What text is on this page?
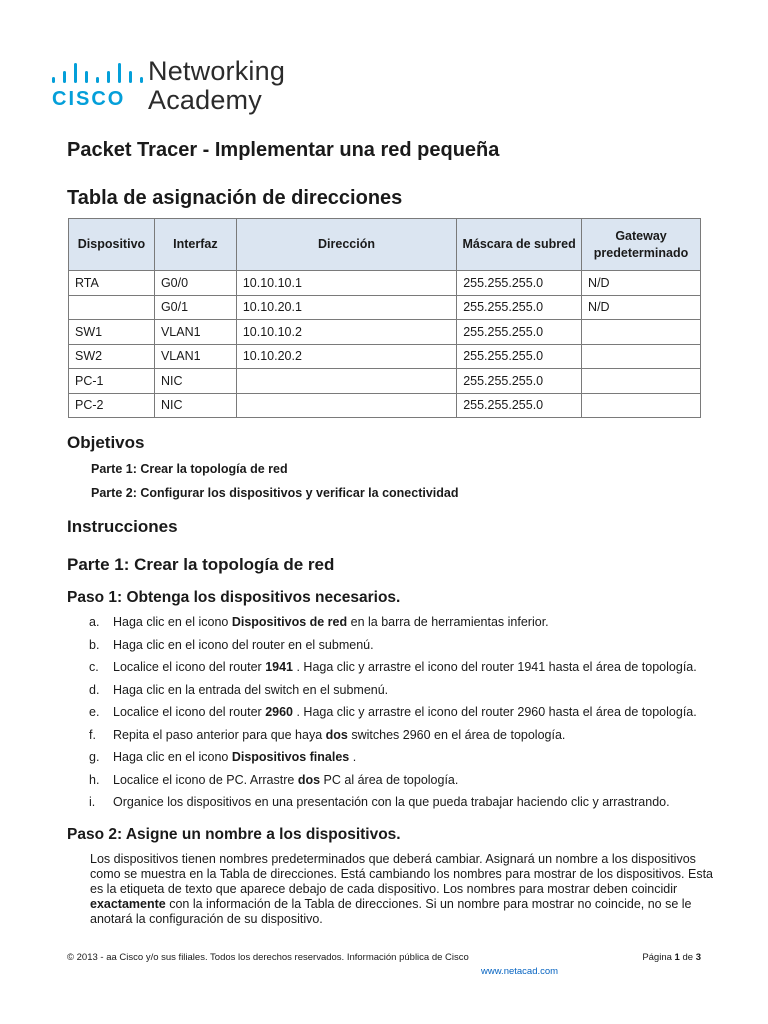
CISCO
Networking
Academy
Packet Tracer - Implementar una red pequeña
Tabla de asignación de direcciones
Dispositivo	Interfaz	Dirección	Máscara de subred	Gateway predeterminado
RTA	G0/0	10.10.10.1	255.255.255.0	N/D
	G0/1	10.10.20.1	255.255.255.0	N/D
SW1	VLAN1	10.10.10.2	255.255.255.0	
SW2	VLAN1	10.10.20.2	255.255.255.0	
PC-1	NIC		255.255.255.0	
PC-2	NIC		255.255.255.0	
Objetivos
Parte 1: Crear la topología de red
Parte 2: Configurar los dispositivos y verificar la conectividad
Instrucciones
Parte 1: Crear la topología de red
Paso 1: Obtenga los dispositivos necesarios.
a. Haga clic en el icono Dispositivos de red en la barra de herramientas inferior.
b. Haga clic en el icono del router en el submenú.
c. Localice el icono del router 1941 . Haga clic y arrastre el icono del router 1941 hasta el área de topología.
d. Haga clic en la entrada del switch en el submenú.
e. Localice el icono del router 2960 . Haga clic y arrastre el icono del router 2960 hasta el área de topología.
f. Repita el paso anterior para que haya dos switches 2960 en el área de topología.
g. Haga clic en el icono Dispositivos finales .
h. Localice el icono de PC. Arrastre dos PC al área de topología.
i. Organice los dispositivos en una presentación con la que pueda trabajar haciendo clic y arrastrando.
Paso 2: Asigne un nombre a los dispositivos.
Los dispositivos tienen nombres predeterminados que deberá cambiar. Asignará un nombre a los dispositivos como se muestra en la Tabla de direcciones. Está cambiando los nombres para mostrar de los dispositivos. Esta es la etiqueta de texto que aparece debajo de cada dispositivo. Los nombres para mostrar deben coincidir exactamente con la información de la Tabla de direcciones. Si un nombre para mostrar no coincide, no se le anotará la configuración de su dispositivo.
© 2013 - aa Cisco y/o sus filiales. Todos los derechos reservados. Información pública de Cisco
www.netacad.com
Página 1 de 3
